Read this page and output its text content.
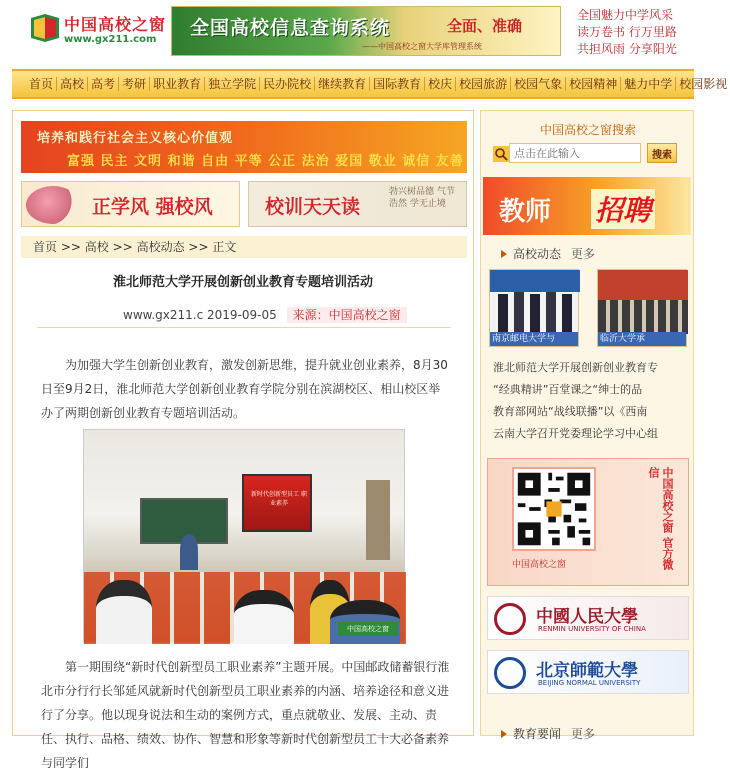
中国高校之窗
www.gx211.com
全国高校信息查询系统	全面、准确
——中国高校之窗大学库管理系统
全国魅力中学风采
读万卷书 行万里路
共担风雨 分享阳光
首页 高校 高考 考研 职业教育 独立学院 民办院校 继续教育 国际教育 校庆 校园旅游 校园气象 校园精神 魅力中学 校园影视
培养和践行社会主义核心价值观
富强 民主 文明 和谐 自由 平等 公正 法治 爱国 敬业 诚信 友善
正学风 强校风	校训天天读
勃兴树品德 气节 浩然 学无止境
首页 >> 高校 >> 高校动态 >> 正文
淮北师范大学开展创新创业教育专题培训活动
www.gx211.c 2019-09-05 来源：中国高校之窗

为加强大学生创新创业教育，激发创新思维，提升就业创业素养，8月30日至9月2日，淮北师范大学创新创业教育学院分别在滨湖校区、相山校区举办了两期创新创业教育专题培训活动。

新时代创新型员工 职业素养
中国高校之窗

第一期围绕“新时代创新型员工职业素养”主题开展。中国邮政储蓄银行淮北市分行行长邹延风就新时代创新型员工职业素养的内涵、培养途径和意义进行了分享。他以现身说法和生动的案例方式，重点就敬业、发展、主动、责任、执行、品格、绩效、协作、智慧和形象等新时代创新型员工十大必备素养与同学们

中国高校之窗搜索
点击在此输入
搜索
教师 招聘
高校动态 更多
南京邮电大学与	临沂大学承
淮北师范大学开展创新创业教育专
“经典精讲”百堂课之“绅士的品
教育部网站“战线联播”以《西南
云南大学召开党委理论学习中心组
中国高校之窗 官方微信
中国高校之窗
中國人民大學
RENMIN UNIVERSITY OF CHINA
北京師範大學
BEIJING NORMAL UNIVERSITY
教育要闻 更多
